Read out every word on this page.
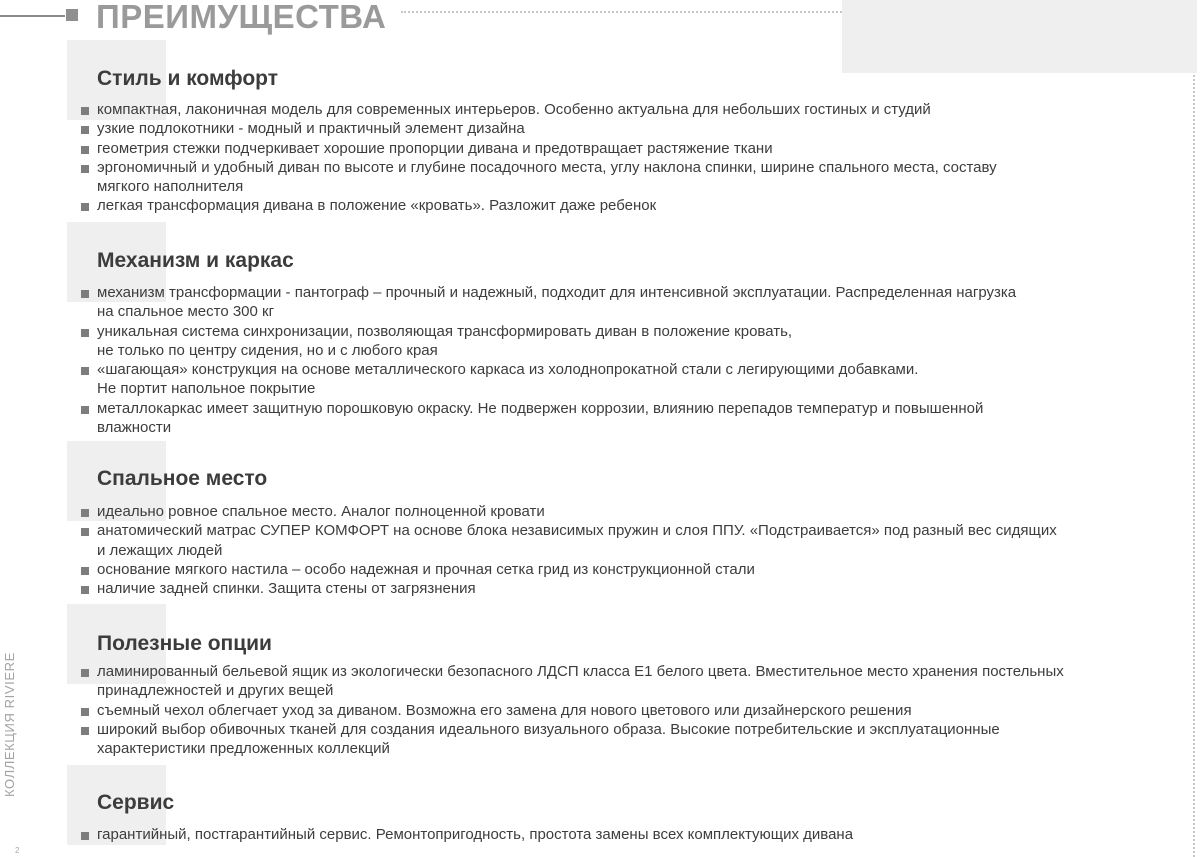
ПРЕИМУЩЕСТВА
КОЛЛЕКЦИЯ RIVIERE
2
Стиль и комфорт
компактная, лаконичная модель для современных интерьеров. Особенно актуальна для небольших гостиных и студий
узкие подлокотники - модный и практичный элемент дизайна
геометрия стежки подчеркивает хорошие пропорции дивана и предотвращает растяжение ткани
эргономичный и удобный диван по высоте и глубине посадочного места, углу наклона спинки, ширине спального места, составу
мягкого наполнителя
легкая трансформация дивана в положение «кровать». Разложит даже ребенок
Механизм и каркас
механизм трансформации - пантограф – прочный и надежный, подходит для интенсивной эксплуатации. Распределенная нагрузка
на спальное место 300 кг
уникальная система синхронизации, позволяющая трансформировать диван в положение кровать,
не только по центру сидения, но и с любого края
«шагающая» конструкция на основе металлического каркаса из холоднопрокатной стали с легирующими добавками.
Не портит напольное покрытие
металлокаркас имеет защитную порошковую окраску. Не подвержен коррозии, влиянию перепадов температур и повышенной
влажности
Спальное место
идеально ровное спальное место. Аналог полноценной кровати
анатомический матрас СУПЕР КОМФОРТ на основе блока независимых пружин и слоя ППУ. «Подстраивается» под разный вес сидящих
и лежащих людей
основание мягкого настила – особо надежная и прочная сетка грид из конструкционной стали
наличие задней спинки. Защита стены от загрязнения
Полезные опции
ламинированный бельевой ящик из экологически безопасного ЛДСП класса Е1 белого цвета. Вместительное место хранения постельных
принадлежностей и других вещей
съемный чехол облегчает уход за диваном. Возможна его замена для нового цветового или дизайнерского решения
широкий выбор обивочных тканей для создания идеального визуального образа. Высокие потребительские и эксплуатационные
характеристики предложенных коллекций
Сервис
гарантийный, постгарантийный сервис. Ремонтопригодность, простота замены всех комплектующих дивана
